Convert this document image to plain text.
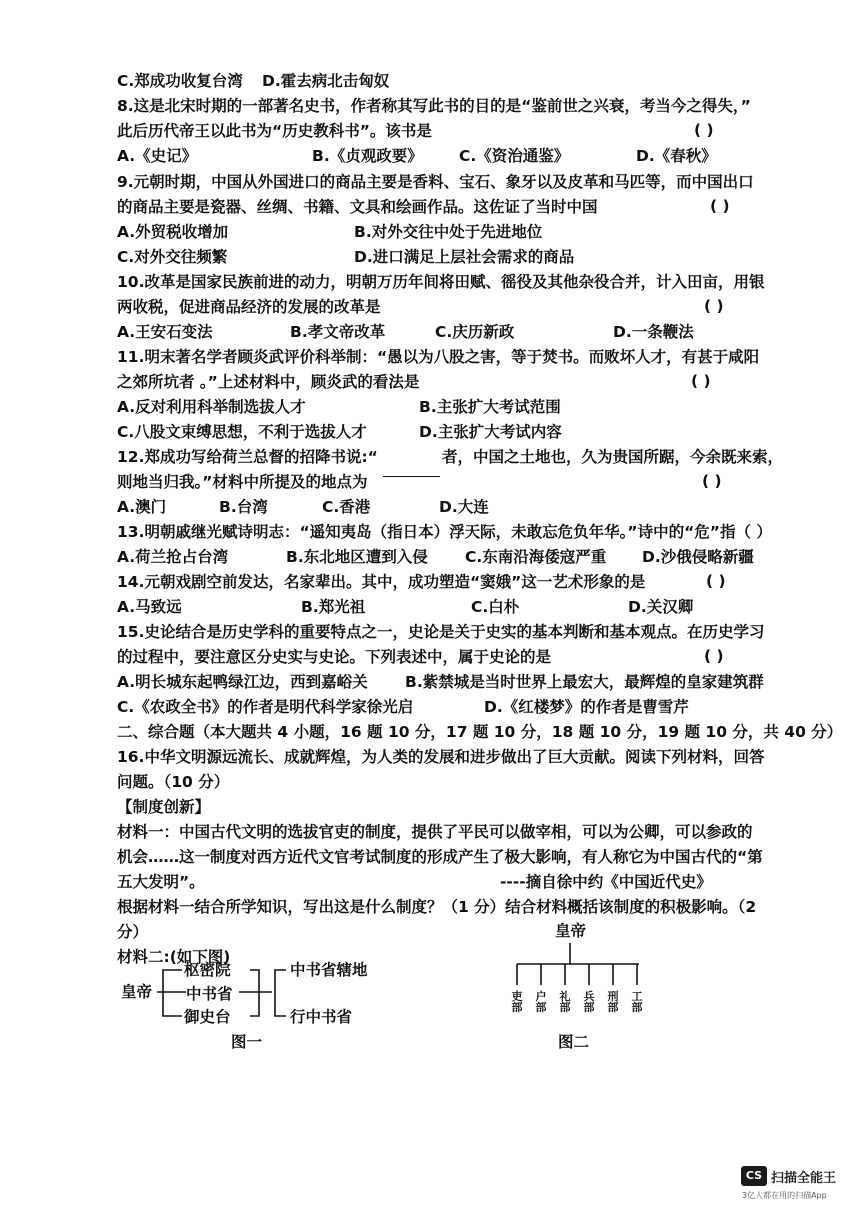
C.郑成功收复台湾 D.霍去病北击匈奴
8.这是北宋时期的一部著名史书，作者称其写此书的目的是“鉴前世之兴衰，考当今之得失，”
此后历代帝王以此书为“历史教科书”。该书是
A.《史记》	B.《贞观政要》 C.《资治通鉴》	D.《春秋》
9.元朝时期，中国从外国进口的商品主要是香料、宝石、象牙以及皮革和马匹等，而中国出口
的商品主要是瓷器、丝绸、书籍、文具和绘画作品。这佐证了当时中国
A.外贸税收增加	B.对外交往中处于先进地位
C.对外交往频繁	D.进口满足上层社会需求的商品
10.改革是国家民族前进的动力，明朝万历年间将田赋、徭役及其他杂役合并，计入田亩，用银
两收税，促进商品经济的发展的改革是
A.王安石变法	B.孝文帝改革	C.庆历新政	D.一条鞭法
11.明末著名学者顾炎武评价科举制：“愚以为八股之害，等于焚书。而败坏人才，有甚于咸阳
之郊所坑者 。”上述材料中，顾炎武的看法是
A.反对利用科举制选拔人才	B.主张扩大考试范围
C.八股文束缚思想，不利于选拔人才	D.主张扩大考试内容
12.郑成功写给荷兰总督的招降书说:“	者，中国之土地也，久为贵国所踞，今余既来索，
则地当归我。”材料中所提及的地点为
A.澳门	B.台湾	C.香港	D.大连
13.明朝戚继光赋诗明志：“遥知夷岛（指日本）浮天际，未敢忘危负年华。”诗中的“危”指（ ）
A.荷兰抢占台湾	B.东北地区遭到入侵 C.东南沿海倭寇严重 D.沙俄侵略新疆
14.元朝戏剧空前发达，名家辈出。其中，成功塑造“窦娥”这一艺术形象的是
A.马致远	B.郑光祖	C.白朴	D.关汉卿
15.史论结合是历史学科的重要特点之一，史论是关于史实的基本判断和基本观点。在历史学习
的过程中，要注意区分史实与史论。下列表述中，属于史论的是
A.明长城东起鸭绿江边，西到嘉峪关 B.紫禁城是当时世界上最宏大，最辉煌的皇家建筑群
C.《农政全书》的作者是明代科学家徐光启	D.《红楼梦》的作者是曹雪芹
二、综合题（本大题共 4 小题，16 题 10 分，17 题 10 分，18 题 10 分，19 题 10 分，共 40 分）
16.中华文明源远流长、成就辉煌，为人类的发展和进步做出了巨大贡献。阅读下列材料，回答
问题。（10 分）
【制度创新】
材料一：中国古代文明的选拔官吏的制度，提供了平民可以做宰相，可以为公卿，可以参政的
机会……这一制度对西方近代文官考试制度的形成产生了极大影响，有人称它为中国古代的“第
五大发明”。	----摘自徐中约《中国近代史》
根据材料一结合所学知识，写出这是什么制度？（1 分）结合材料概括该制度的积极影响。（2
分）
材料二:(如下图)
( )
( )
( )
( )
( )
( )
( )
皇帝
枢密院
中书省
御史台
中书省辖地
行中书省
图一
皇帝
吏
部
户
部
礼
部
兵
部
刑
部
工
部
图二
CS 扫描全能王
3亿人都在用的扫描App
